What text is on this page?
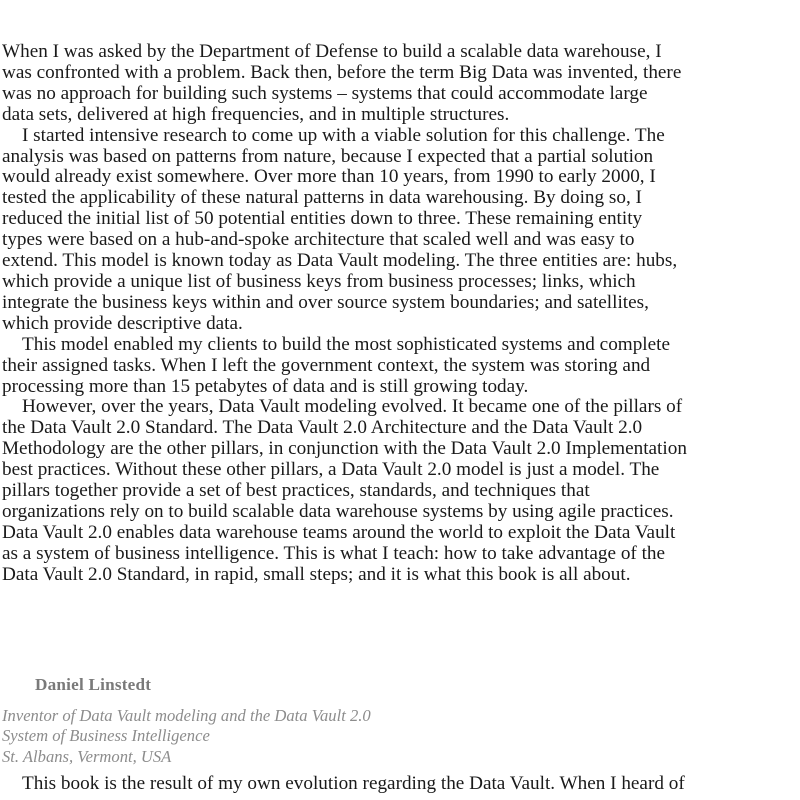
When I was asked by the Department of Defense to build a scalable data warehouse, I
was confronted with a problem. Back then, before the term Big Data was invented, there
was no approach for building such systems – systems that could accommodate large
data sets, delivered at high frequencies, and in multiple structures.

I started intensive research to come up with a viable solution for this challenge. The
analysis was based on patterns from nature, because I expected that a partial solution
would already exist somewhere. Over more than 10 years, from 1990 to early 2000, I
tested the applicability of these natural patterns in data warehousing. By doing so, I
reduced the initial list of 50 potential entities down to three. These remaining entity
types were based on a hub-and-spoke architecture that scaled well and was easy to
extend. This model is known today as Data Vault modeling. The three entities are: hubs,
which provide a unique list of business keys from business processes; links, which
integrate the business keys within and over source system boundaries; and satellites,
which provide descriptive data.

This model enabled my clients to build the most sophisticated systems and complete
their assigned tasks. When I left the government context, the system was storing and
processing more than 15 petabytes of data and is still growing today.

However, over the years, Data Vault modeling evolved. It became one of the pillars of
the Data Vault 2.0 Standard. The Data Vault 2.0 Architecture and the Data Vault 2.0
Methodology are the other pillars, in conjunction with the Data Vault 2.0 Implementation
best practices. Without these other pillars, a Data Vault 2.0 model is just a model. The
pillars together provide a set of best practices, standards, and techniques that
organizations rely on to build scalable data warehouse systems by using agile practices.
Data Vault 2.0 enables data warehouse teams around the world to exploit the Data Vault
as a system of business intelligence. This is what I teach: how to take advantage of the
Data Vault 2.0 Standard, in rapid, small steps; and it is what this book is all about.

Daniel Linstedt
Inventor of Data Vault modeling and the Data Vault 2.0
System of Business Intelligence
St. Albans, Vermont, USA
This book is the result of my own evolution regarding the Data Vault. When I heard of
